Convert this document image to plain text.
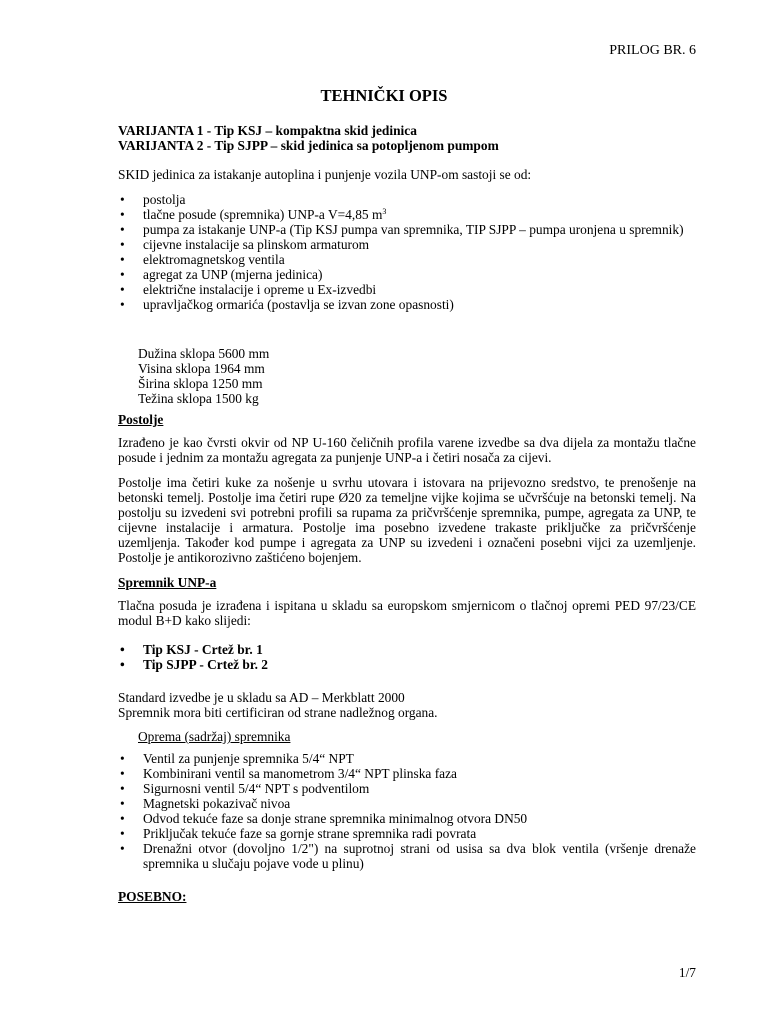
PRILOG BR. 6
TEHNIČKI OPIS
VARIJANTA 1 - Tip KSJ – kompaktna skid jedinica
VARIJANTA 2 - Tip SJPP – skid jedinica sa potopljenom pumpom

SKID jedinica za istakanje autoplina i punjenje vozila UNP-om sastoji se od:

• postolja
• tlačne posude (spremnika) UNP-a V=4,85 $m^3$
• pumpa za istakanje UNP-a (Tip KSJ pumpa van spremnika, TIP SJPP – pumpa uronjena u spremnik)
• cijevne instalacije sa plinskom armaturom
• elektromagnetskog ventila
• agregat za UNP (mjerna jedinica)
• električne instalacije i opreme u Ex-izvedbi
• upravljačkog ormarića (postavlja se izvan zone opasnosti)
Dužina sklopa 5600 mm
Visina sklopa 1964 mm
Širina sklopa 1250 mm
Težina sklopa 1500 kg
Postolje

Izrađeno je kao čvrsti okvir od NP U-160 čeličnih profila varene izvedbe sa dva dijela za montažu tlačne posude i jednim za montažu agregata za punjenje UNP-a i četiri nosača za cijevi.

Postolje ima četiri kuke za nošenje u svrhu utovara i istovara na prijevozno sredstvo, te prenošenje na betonski temelj. Postolje ima četiri rupe Ø20 za temeljne vijke kojima se učvršćuje na betonski temelj. Na postolju su izvedeni svi potrebni profili sa rupama za pričvršćenje spremnika, pumpe, agregata za UNP, te cijevne instalacije i armatura. Postolje ima posebno izvedene trakaste priključke za pričvršćenje uzemljenja. Također kod pumpe i agregata za UNP su izvedeni i označeni posebni vijci za uzemljenje. Postolje je antikorozivno zaštićeno bojenjem.

Spremnik UNP-a

Tlačna posuda je izrađena i ispitana u skladu sa europskom smjernicom o tlačnoj opremi PED 97/23/CE modul B+D kako slijedi:

• Tip KSJ - Crtež br. 1
• Tip SJPP - Crtež br. 2
Standard izvedbe je u skladu sa AD – Merkblatt 2000
Spremnik mora biti certificiran od strane nadležnog organa.
Oprema (sadržaj) spremnika
• Ventil za punjenje spremnika 5/4“ NPT
• Kombinirani ventil sa manometrom 3/4“ NPT plinska faza
• Sigurnosni ventil 5/4“ NPT s podventilom
• Magnetski pokazivač nivoa
• Odvod tekuće faze sa donje strane spremnika minimalnog otvora DN50
• Priključak tekuće faze sa gornje strane spremnika radi povrata
• Drenažni otvor (dovoljno 1/2") na suprotnoj strani od usisa sa dva blok ventila (vršenje drenaže spremnika u slučaju pojave vode u plinu)
POSEBNO:
1/7
